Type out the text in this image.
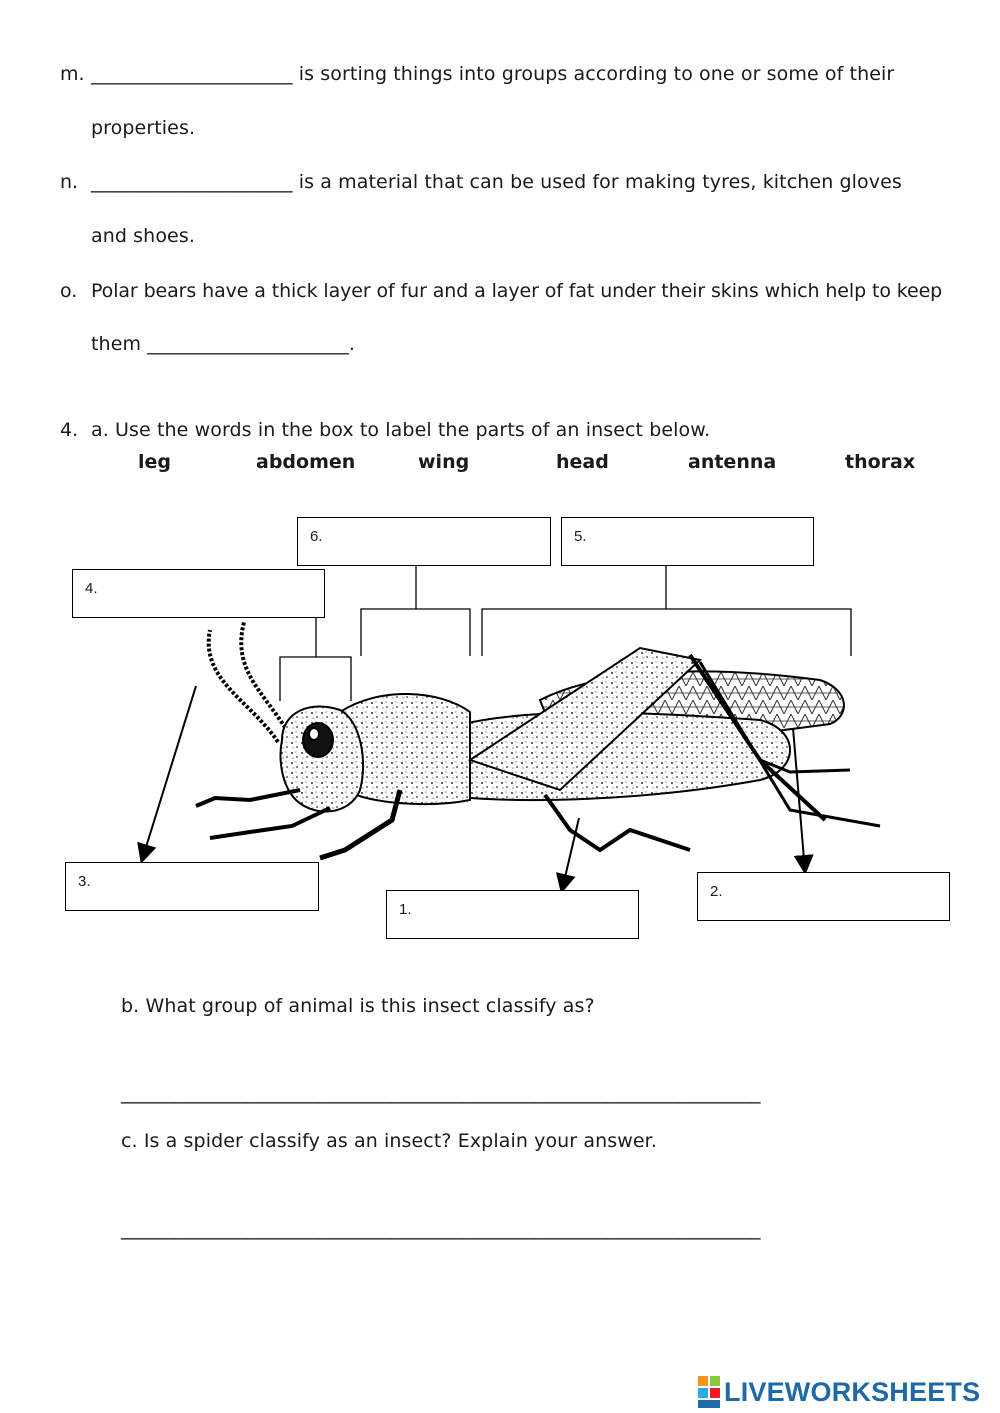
m. _____________________ is sorting things into groups according to one or some of their
properties.
n. _____________________ is a material that can be used for making tyres, kitchen gloves
and shoes.
o. Polar bears have a thick layer of fur and a layer of fat under their skins which help to keep
them _____________________.
4. a. Use the words in the box to label the parts of an insect below.
leg	abdomen	wing	head	antenna	thorax
6.	5.
4.
3.
1.
2.
b. What group of animal is this insect classify as?
_______________________________________________________________________
c. Is a spider classify as an insect? Explain your answer.
_______________________________________________________________________
LIVEWORKSHEETS
